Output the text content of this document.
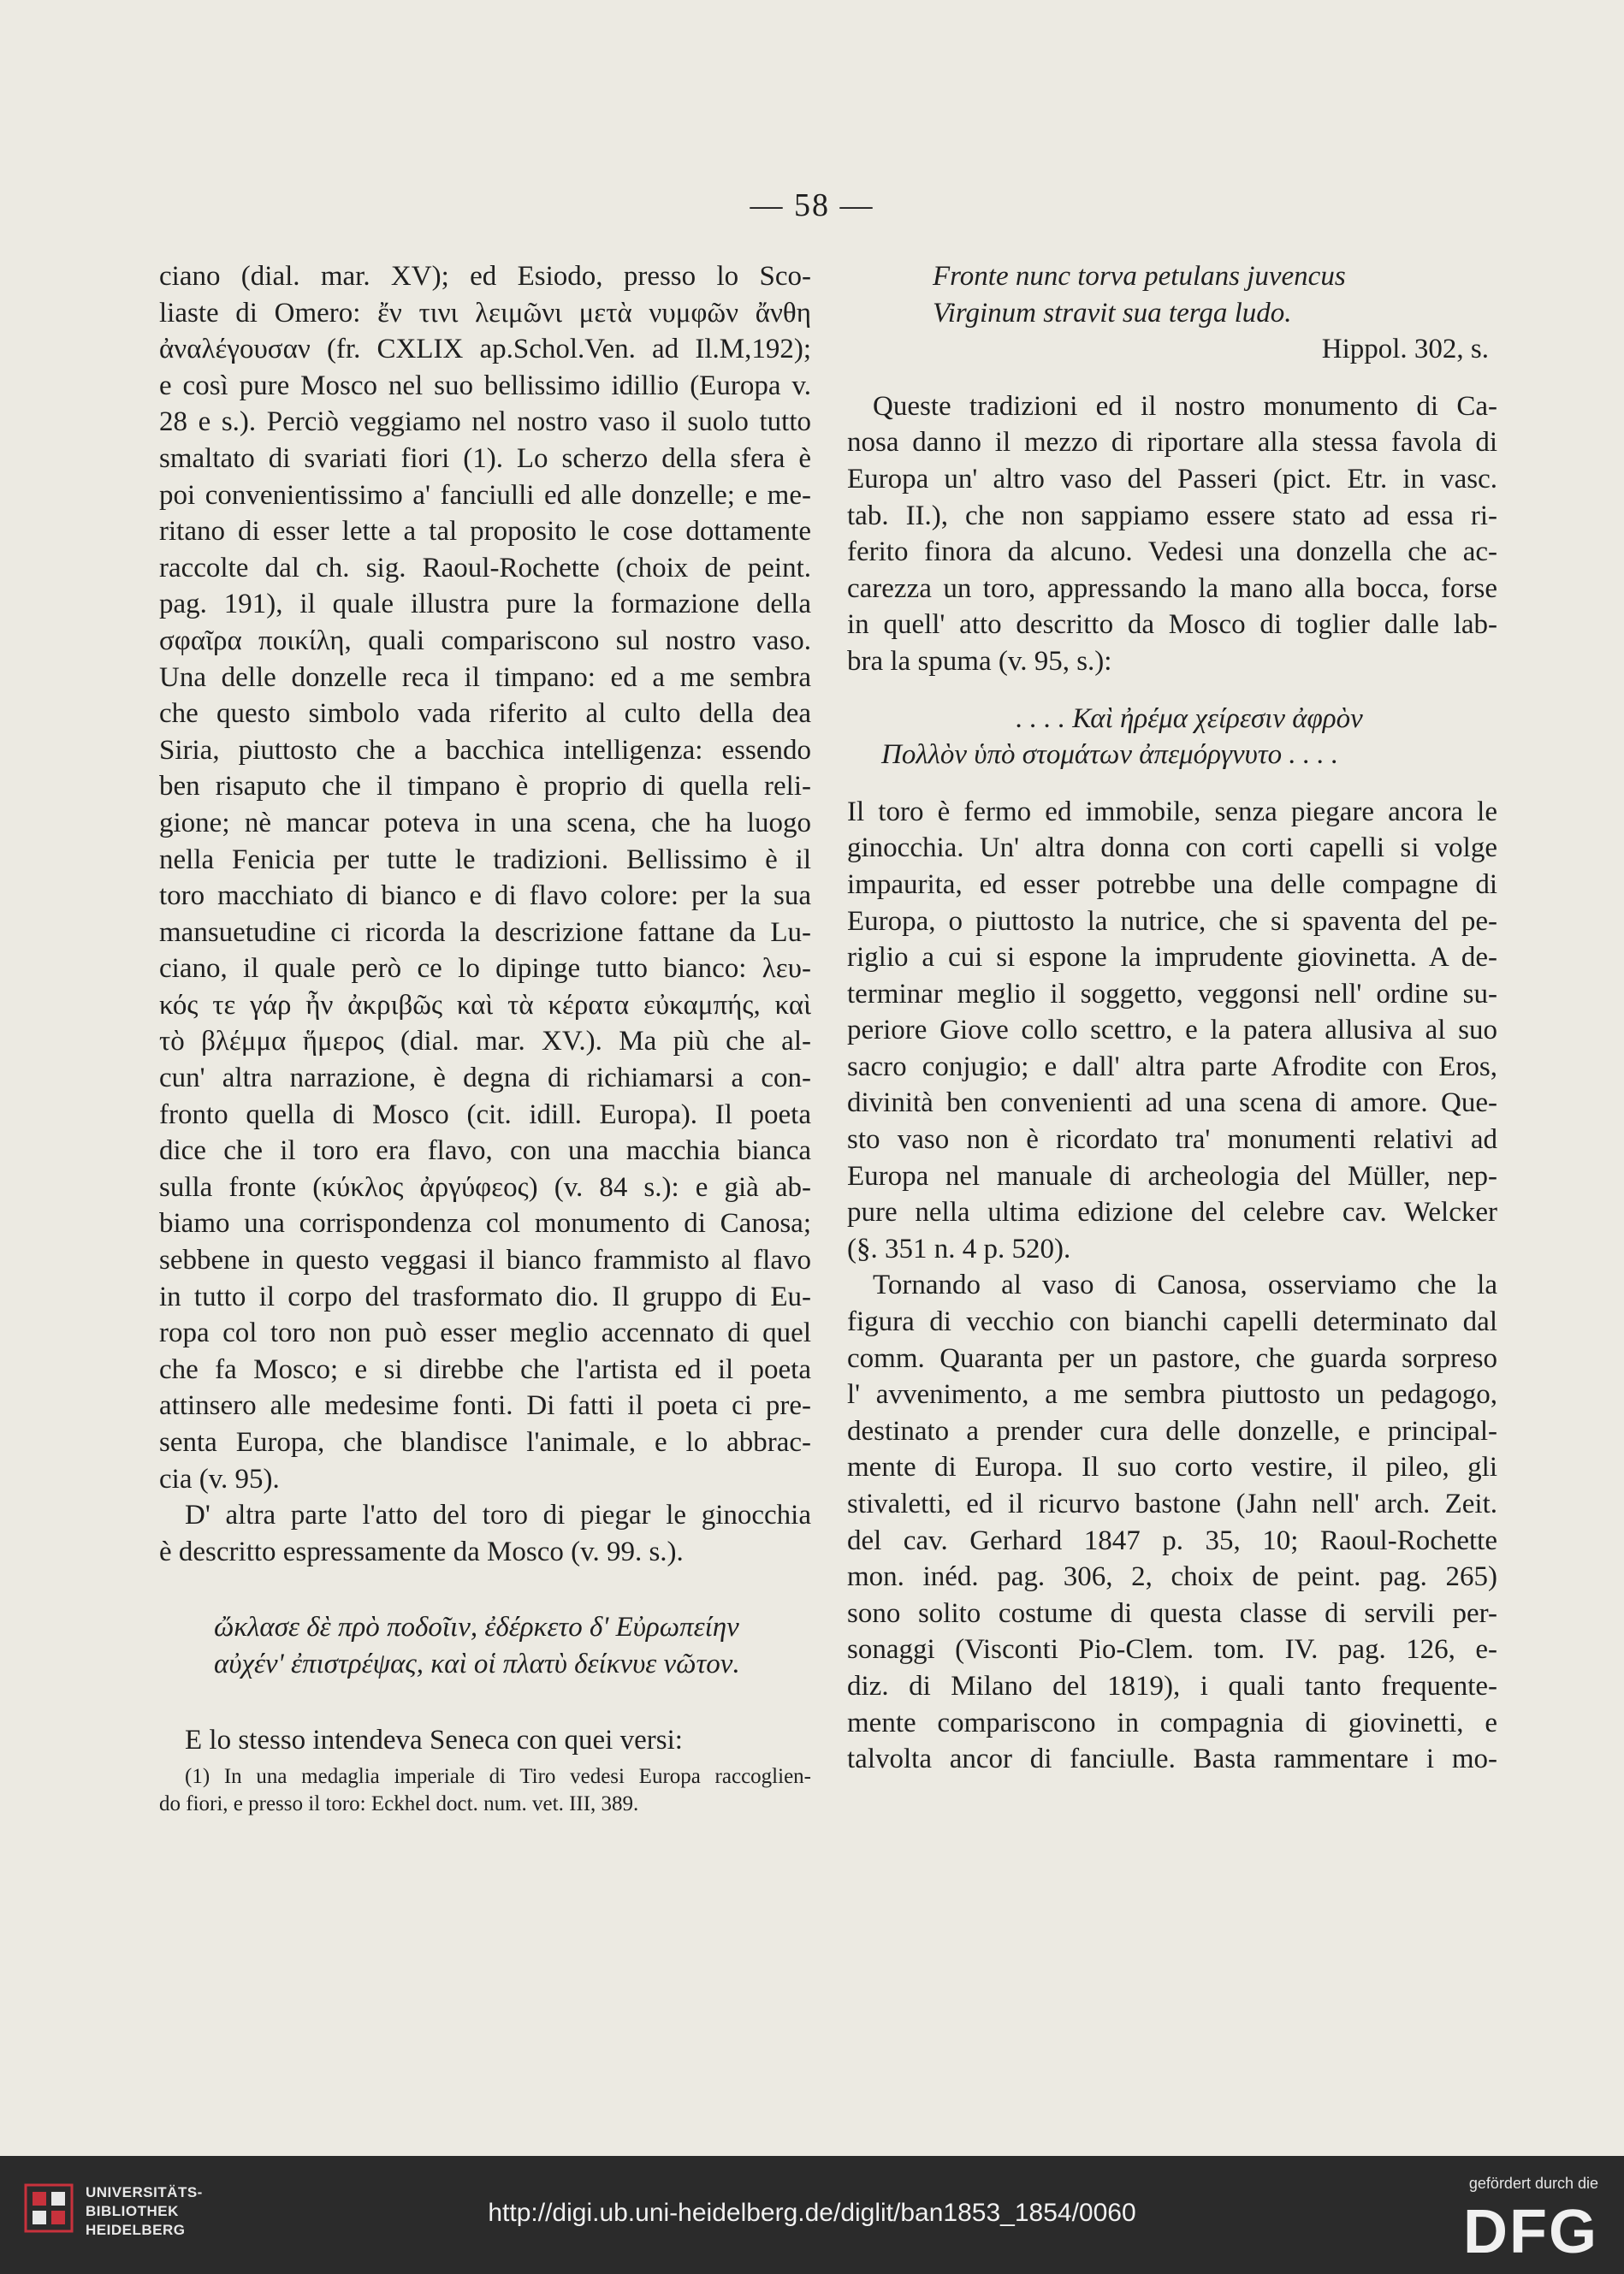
— 58 —
ciano (dial. mar. XV); ed Esiodo, presso lo Sco-
liaste di Omero: ἔν τινι λειμῶνι μετὰ νυμφῶν ἄνθη
ἀναλέγουσαν (fr. CXLIX ap.Schol.Ven. ad Il.M,192);
e così pure Mosco nel suo bellissimo idillio (Europa v.
28 e s.). Perciò veggiamo nel nostro vaso il suolo tutto
smaltato di svariati fiori (1). Lo scherzo della sfera è
poi convenientissimo a' fanciulli ed alle donzelle; e me-
ritano di esser lette a tal proposito le cose dottamente
raccolte dal ch. sig. Raoul-Rochette (choix de peint.
pag. 191), il quale illustra pure la formazione della
σφαῖρα ποικίλη, quali compariscono sul nostro vaso.
Una delle donzelle reca il timpano: ed a me sembra
che questo simbolo vada riferito al culto della dea
Siria, piuttosto che a bacchica intelligenza: essendo
ben risaputo che il timpano è proprio di quella reli-
gione; nè mancar poteva in una scena, che ha luogo
nella Fenicia per tutte le tradizioni. Bellissimo è il
toro macchiato di bianco e di flavo colore: per la sua
mansuetudine ci ricorda la descrizione fattane da Lu-
ciano, il quale però ce lo dipinge tutto bianco: λευ-
κός τε γάρ ἦν ἀκριβῶς καὶ τὰ κέρατα εὐκαμπής, καὶ
τὸ βλέμμα ἥμερος (dial. mar. XV.). Ma più che al-
cun' altra narrazione, è degna di richiamarsi a con-
fronto quella di Mosco (cit. idill. Europa). Il poeta
dice che il toro era flavo, con una macchia bianca
sulla fronte (κύκλος ἀργύφεος) (v. 84 s.): e già ab-
biamo una corrispondenza col monumento di Canosa;
sebbene in questo veggasi il bianco frammisto al flavo
in tutto il corpo del trasformato dio. Il gruppo di Eu-
ropa col toro non può esser meglio accennato di quel
che fa Mosco; e si direbbe che l'artista ed il poeta
attinsero alle medesime fonti. Di fatti il poeta ci pre-
senta Europa, che blandisce l'animale, e lo abbrac-
cia (v. 95).
D' altra parte l'atto del toro di piegar le ginocchia
è descritto espressamente da Mosco (v. 99. s.).
ὤκλασε δὲ πρὸ ποδοῖιν, ἐδέρκετο δ' Εὐρωπείην
αὐχέν' ἐπιστρέψας, καὶ οἱ πλατὺ δείκνυε νῶτον.
E lo stesso intendeva Seneca con quei versi:
(1) In una medaglia imperiale di Tiro vedesi Europa raccoglien-
do fiori, e presso il toro: Eckhel doct. num. vet. III, 389.
Fronte nunc torva petulans juvencus
Virginum stravit sua terga ludo.
Hippol. 302, s.
Queste tradizioni ed il nostro monumento di Ca-
nosa danno il mezzo di riportare alla stessa favola di
Europa un' altro vaso del Passeri (pict. Etr. in vasc.
tab. II.), che non sappiamo essere stato ad essa ri-
ferito finora da alcuno. Vedesi una donzella che ac-
carezza un toro, appressando la mano alla bocca, forse
in quell' atto descritto da Mosco di toglier dalle lab-
bra la spuma (v. 95, s.):
. . . . Καὶ ἠρέμα χείρεσιν ἀφρὸν
Πολλὸν ὑπὸ στομάτων ἀπεμόργνυτο . . . .
Il toro è fermo ed immobile, senza piegare ancora le
ginocchia. Un' altra donna con corti capelli si volge
impaurita, ed esser potrebbe una delle compagne di
Europa, o piuttosto la nutrice, che si spaventa del pe-
riglio a cui si espone la imprudente giovinetta. A de-
terminar meglio il soggetto, veggonsi nell' ordine su-
periore Giove collo scettro, e la patera allusiva al suo
sacro conjugio; e dall' altra parte Afrodite con Eros,
divinità ben convenienti ad una scena di amore. Que-
sto vaso non è ricordato tra' monumenti relativi ad
Europa nel manuale di archeologia del Müller, nep-
pure nella ultima edizione del celebre cav. Welcker
(§. 351 n. 4 p. 520).
Tornando al vaso di Canosa, osserviamo che la
figura di vecchio con bianchi capelli determinato dal
comm. Quaranta per un pastore, che guarda sorpreso
l' avvenimento, a me sembra piuttosto un pedagogo,
destinato a prender cura delle donzelle, e principal-
mente di Europa. Il suo corto vestire, il pileo, gli
stivaletti, ed il ricurvo bastone (Jahn nell' arch. Zeit.
del cav. Gerhard 1847 p. 35, 10; Raoul-Rochette
mon. inéd. pag. 306, 2, choix de peint. pag. 265)
sono solito costume di questa classe di servili per-
sonaggi (Visconti Pio-Clem. tom. IV. pag. 126, e-
diz. di Milano del 1819), i quali tanto frequente-
mente compariscono in compagnia di giovinetti, e
talvolta ancor di fanciulle. Basta rammentare i mo-
UNIVERSITÄTS-
BIBLIOTHEK
HEIDELBERG
http://digi.ub.uni-heidelberg.de/diglit/ban1853_1854/0060
gefördert durch die
DFG
